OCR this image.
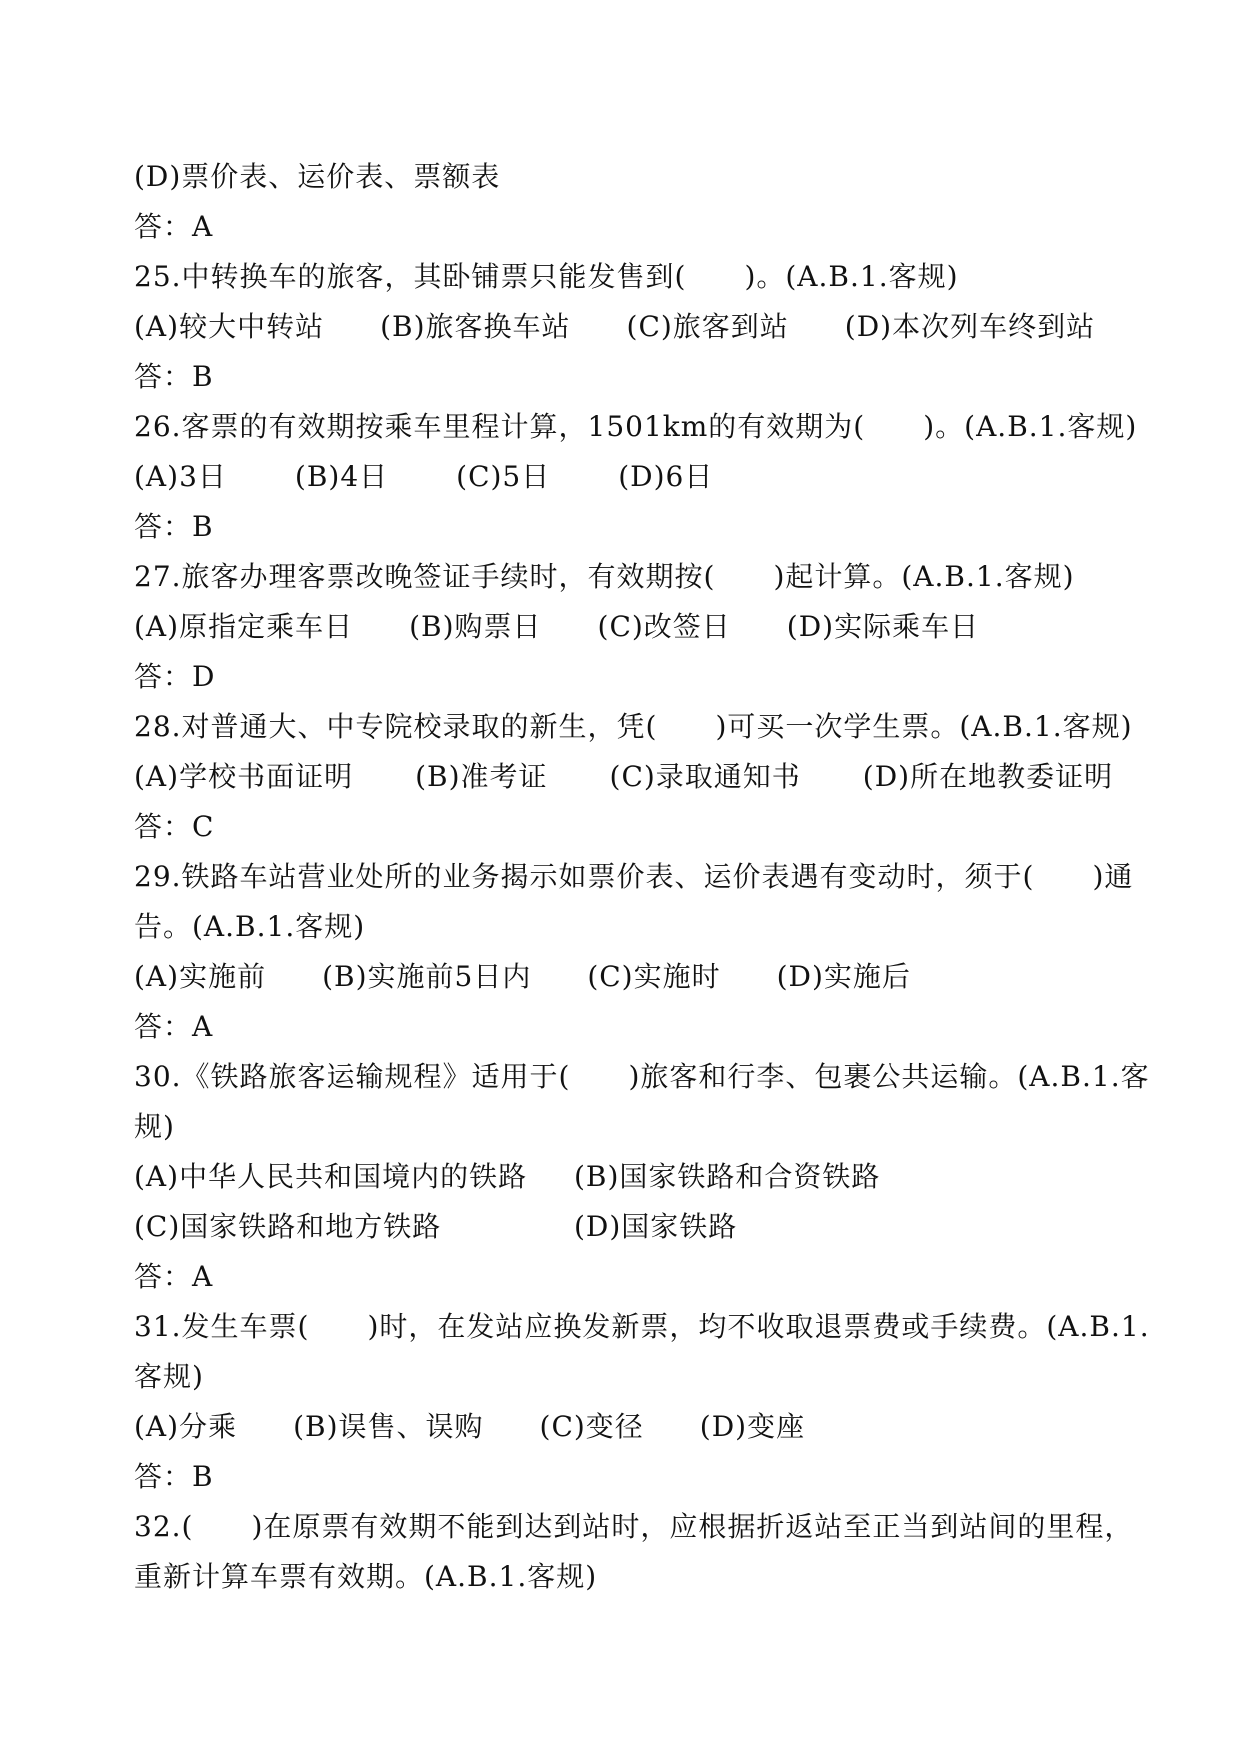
(D)票价表、运价表、票额表
答：A
25.中转换车的旅客，其卧铺票只能发售到(　　)。(A.B.1.客规)
(A)较大中转站 (B)旅客换车站 (C)旅客到站 (D)本次列车终到站
答：B
26.客票的有效期按乘车里程计算，1501km的有效期为(　　)。(A.B.1.客规)
(A)3日 (B)4日 (C)5日 (D)6日
答：B
27.旅客办理客票改晚签证手续时，有效期按(　　)起计算。(A.B.1.客规)
(A)原指定乘车日 (B)购票日 (C)改签日 (D)实际乘车日
答：D
28.对普通大、中专院校录取的新生，凭(　　)可买一次学生票。(A.B.1.客规)
(A)学校书面证明 (B)准考证 (C)录取通知书 (D)所在地教委证明
答：C
29.铁路车站营业处所的业务揭示如票价表、运价表遇有变动时，须于(　　)通
告。(A.B.1.客规)
(A)实施前 (B)实施前5日内 (C)实施时 (D)实施后
答：A
30.《铁路旅客运输规程》适用于(　　)旅客和行李、包裹公共运输。(A.B.1.客
规)
(A)中华人民共和国境内的铁路	(B)国家铁路和合资铁路
(C)国家铁路和地方铁路	(D)国家铁路
答：A
31.发生车票(　　)时，在发站应换发新票，均不收取退票费或手续费。(A.B.1.
客规)
(A)分乘 (B)误售、误购 (C)变径 (D)变座
答：B
32.(　　)在原票有效期不能到达到站时，应根据折返站至正当到站间的里程，
重新计算车票有效期。(A.B.1.客规)
